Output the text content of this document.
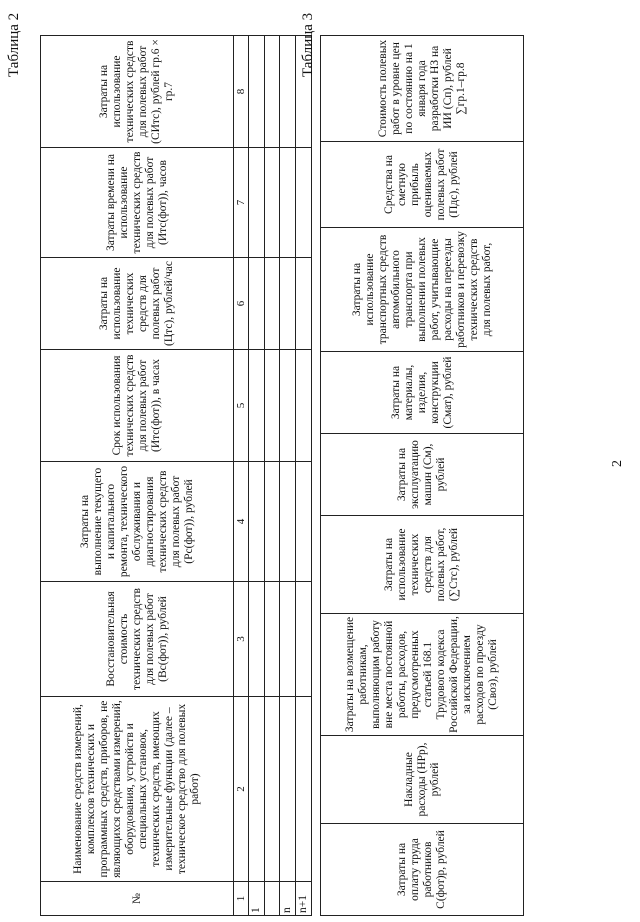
2
Таблица 2
№	Наименование средств измерений, комплексов технических и программных средств, приборов, не являющихся средствами измерений, оборудования, устройств и специальных установок, технических средств, имеющих измерительные функции (далее – техническое средство для полевых работ)	Восстановительная стоимость технических средств для полевых работ (Вс(фот)), рублей	Затраты на выполнение текущего и капитального ремонта, технического обслуживания и диагностирования технических средств для полевых работ (Рс(фот)), рублей	Срок использования технических средств для полевых работ (Итс(фот)), в часах	Затраты на использование технических средств для полевых работ (Цтс), рублей/час	Затраты времени на использование технических средств для полевых работ (Итс(фот)), часов	Затраты на использование технических средств для полевых работ (СИтс), рублей гр.6 × гр.7
1	2	3	4	5	6	7	8
1							

n							
n+1							
Таблица 3
Затраты на оплату труда работников С(фот)р, рублей	Накладные расходы (НРр), рублей	Затраты на возмещение работникам, выполняющим работу вне места постоянной работы, расходов, предусмотренных статьей 168.1 Трудового кодекса Российской Федерации, за исключением расходов по проезду (Своз), рублей	Затраты на использование технических средств для полевых работ, (∑Стс), рублей	Затраты на эксплуатацию машин (См), рублей	Затраты на материалы, изделия, конструкции (Смат), рублей	Затраты на использование транспортных средств автомобильного транспорта при выполнении полевых работ, учитывающие расходы на переезды работников и перевозку технических средств для полевых работ,	Средства на сметную прибыль оцениваемых полевых работ (Пдс), рублей	Стоимость полевых работ в уровне цен по состоянию на 1 января года разработки НЗ на ИИ (Сп), рублей ∑гр.1–гр.8
